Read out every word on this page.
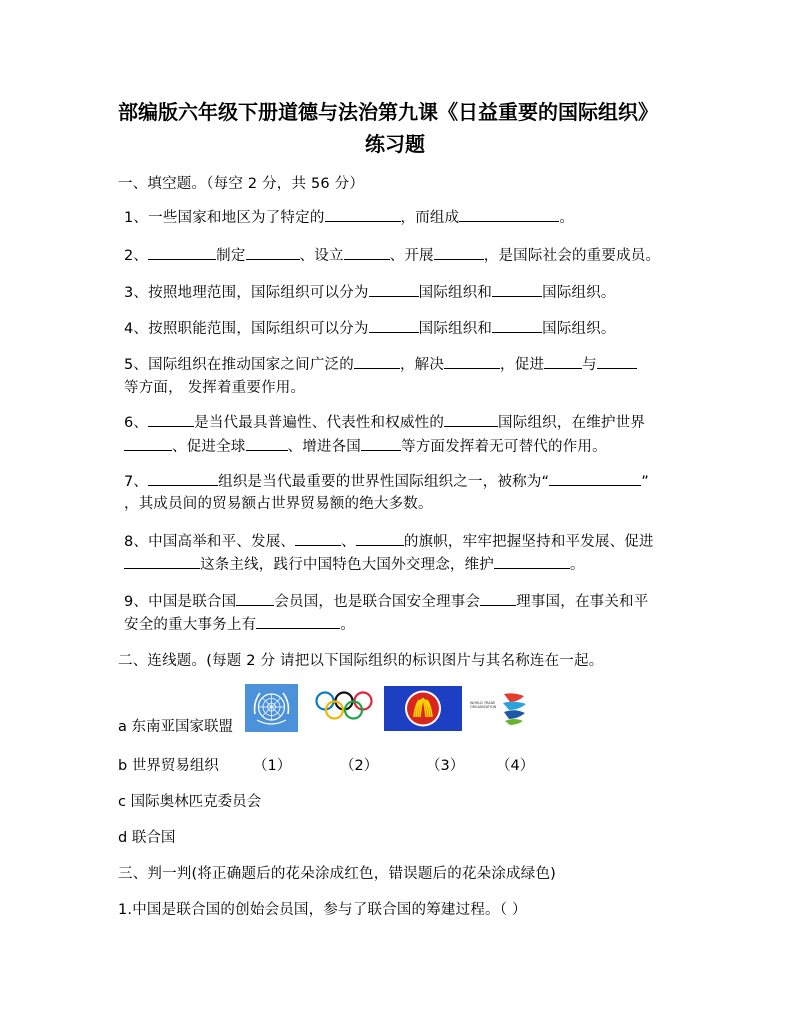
部编版六年级下册道德与法治第九课《日益重要的国际组织》
练习题
一、填空题。（每空 2 分，共 56 分）
1、一些国家和地区为了特定的	，而组成	。
2、	制定	、设立	、开展	，是国际社会的重要成员。
3、按照地理范围，国际组织可以分为	国际组织和	国际组织。
4、按照职能范围，国际组织可以分为	国际组织和	国际组织。
5、国际组织在推动国家之间广泛的	，解决	，促进	与
等方面， 发挥着重要作用。
6、	是当代最具普遍性、代表性和权威性的	国际组织，在维护世界
、促进全球	、增进各国	等方面发挥着无可替代的作用。
7、	组织是当代最重要的世界性国际组织之一，被称为“	”
，其成员间的贸易额占世界贸易额的绝大多数。
8、中国高举和平、发展、	、	的旗帜，牢牢把握坚持和平发展、促进
这条主线，践行中国特色大国外交理念，维护	。
9、中国是联合国	会员国，也是联合国安全理事会 理事国，在事关和平
安全的重大事务上有	。
二、连线题。(每题 2 分 请把以下国际组织的标识图片与其名称连在一起。
WORLD TRADE
ORGANIZATION
a 东南亚国家联盟
b 世界贸易组织
c 国际奥林匹克委员会
d 联合国
（1）	（2）	（3） （4）
三、判一判(将正确题后的花朵涂成红色，错误题后的花朵涂成绿色)
1.中国是联合国的创始会员国，参与了联合国的筹建过程。（ ）
